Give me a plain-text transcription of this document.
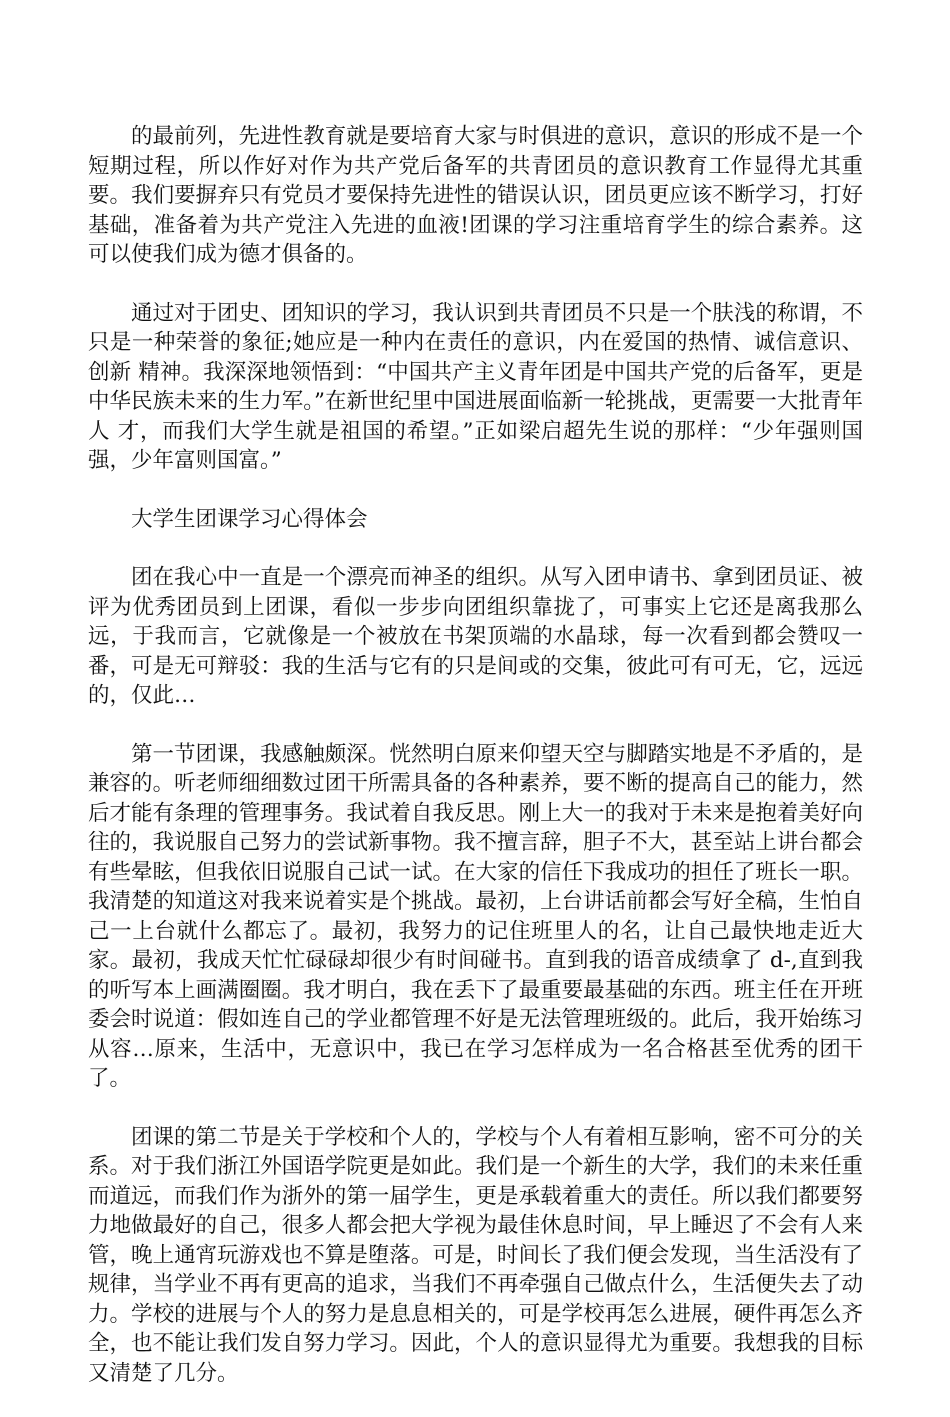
的最前列，先进性教育就是要培育大家与时俱进的意识，意识的形成不是一个短期过程，所以作好对作为共产党后备军的共青团员的意识教育工作显得尤其重要。我们要摒弃只有党员才要保持先进性的错误认识，团员更应该不断学习，打好基础，准备着为共产党注入先进的血液!团课的学习注重培育学生的综合素养。这可以使我们成为德才俱备的。

通过对于团史、团知识的学习，我认识到共青团员不只是一个肤浅的称谓，不只是一种荣誉的象征;她应是一种内在责任的意识，内在爱国的热情、诚信意识、创新 精神。我深深地领悟到：“中国共产主义青年团是中国共产党的后备军，更是中华民族未来的生力军。”在新世纪里中国进展面临新一轮挑战，更需要一大批青年人 才，而我们大学生就是祖国的希望。”正如梁启超先生说的那样：“少年强则国强，少年富则国富。”

大学生团课学习心得体会

团在我心中一直是一个漂亮而神圣的组织。从写入团申请书、拿到团员证、被评为优秀团员到上团课，看似一步步向团组织靠拢了，可事实上它还是离我那么远，于我而言，它就像是一个被放在书架顶端的水晶球，每一次看到都会赞叹一番，可是无可辩驳：我的生活与它有的只是间或的交集，彼此可有可无，它，远远的，仅此…

第一节团课，我感触颇深。恍然明白原来仰望天空与脚踏实地是不矛盾的，是兼容的。听老师细细数过团干所需具备的各种素养，要不断的提高自己的能力，然后才能有条理的管理事务。我试着自我反思。刚上大一的我对于未来是抱着美好向往的，我说服自己努力的尝试新事物。我不擅言辞，胆子不大，甚至站上讲台都会有些晕眩，但我依旧说服自己试一试。在大家的信任下我成功的担任了班长一职。我清楚的知道这对我来说着实是个挑战。最初，上台讲话前都会写好全稿，生怕自己一上台就什么都忘了。最初，我努力的记住班里人的名，让自己最快地走近大家。最初，我成天忙忙碌碌却很少有时间碰书。直到我的语音成绩拿了 d-,直到我的听写本上画满圈圈。我才明白，我在丢下了最重要最基础的东西。班主任在开班委会时说道：假如连自己的学业都管理不好是无法管理班级的。此后，我开始练习从容…原来，生活中，无意识中，我已在学习怎样成为一名合格甚至优秀的团干了。

团课的第二节是关于学校和个人的，学校与个人有着相互影响，密不可分的关系。对于我们浙江外国语学院更是如此。我们是一个新生的大学，我们的未来任重而道远，而我们作为浙外的第一届学生，更是承载着重大的责任。所以我们都要努力地做最好的自己，很多人都会把大学视为最佳休息时间，早上睡迟了不会有人来管，晚上通宵玩游戏也不算是堕落。可是，时间长了我们便会发现，当生活没有了规律，当学业不再有更高的追求，当我们不再牵强自己做点什么，生活便失去了动力。学校的进展与个人的努力是息息相关的，可是学校再怎么进展，硬件再怎么齐全，也不能让我们发自努力学习。因此，个人的意识显得尤为重要。我想我的目标又清楚了几分。
